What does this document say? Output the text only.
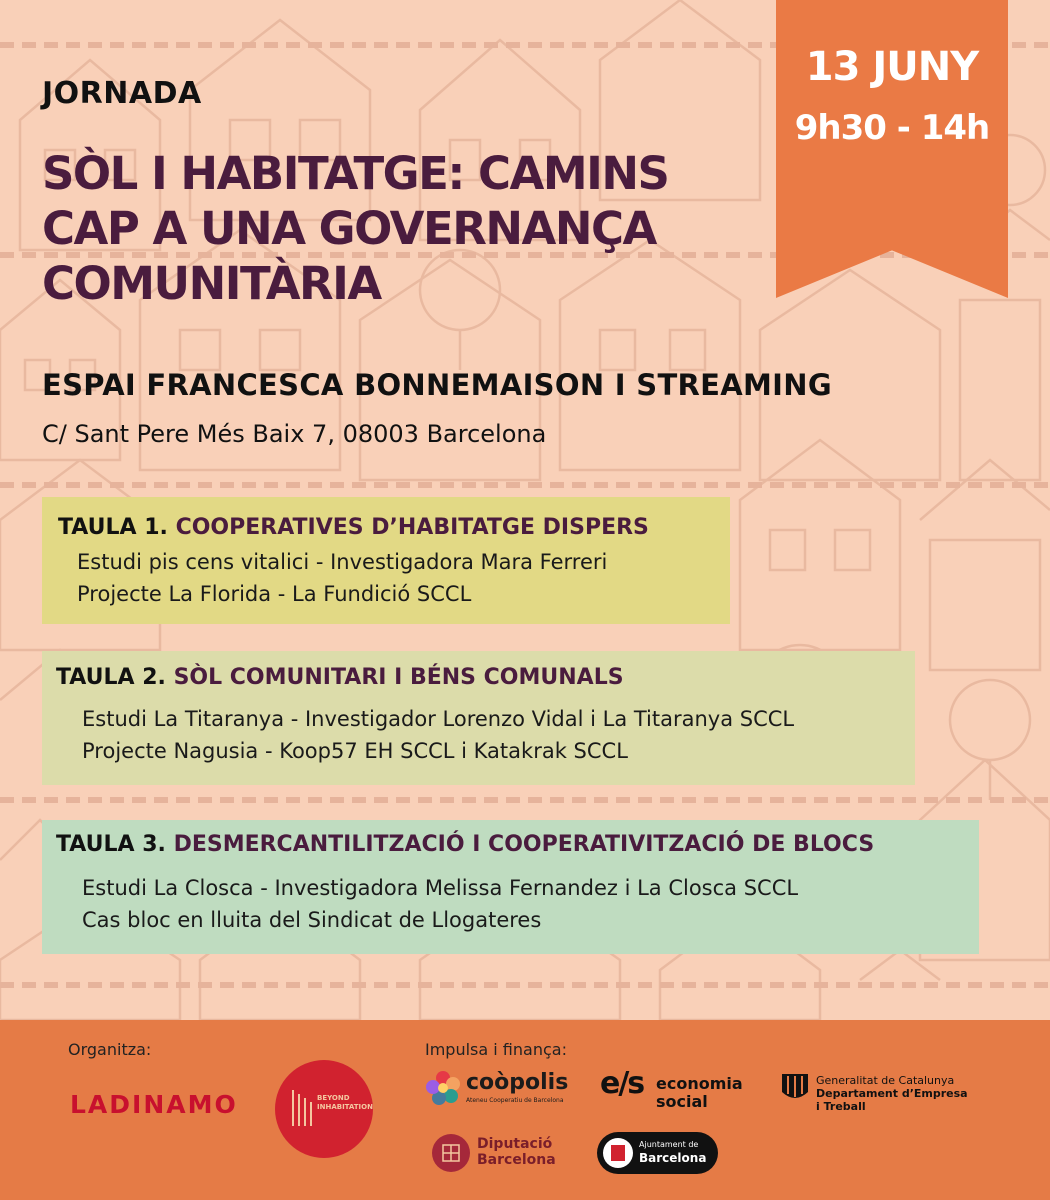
13 JUNY
9h30 - 14h
JORNADA
SÒL I HABITATGE: CAMINS
CAP A UNA GOVERNANÇA
COMUNITÀRIA
ESPAI FRANCESCA BONNEMAISON I STREAMING
C/ Sant Pere Més Baix 7, 08003 Barcelona
TAULA 1. COOPERATIVES D’HABITATGE DISPERS
Estudi pis cens vitalici - Investigadora Mara Ferreri
Projecte La Florida - La Fundició SCCL
TAULA 2. SÒL COMUNITARI I BÉNS COMUNALS
Estudi La Titaranya - Investigador Lorenzo Vidal i La Titaranya SCCL
Projecte Nagusia - Koop57 EH SCCL i Katakrak SCCL
TAULA 3. DESMERCANTILITZACIÓ I COOPERATIVITZACIÓ DE BLOCS
Estudi La Closca - Investigadora Melissa Fernandez i La Closca SCCL
Cas bloc en lluita del Sindicat de Llogateres
Organitza:	Impulsa i finança:
LADINAMO	BEYOND
INHABITATION
coòpolis
Ateneu Cooperatiu de Barcelona e/s economia
social
Generalitat de Catalunya
Departament d’Empresa
i Treball
Diputació
Barcelona
Ajuntament de
Barcelona
